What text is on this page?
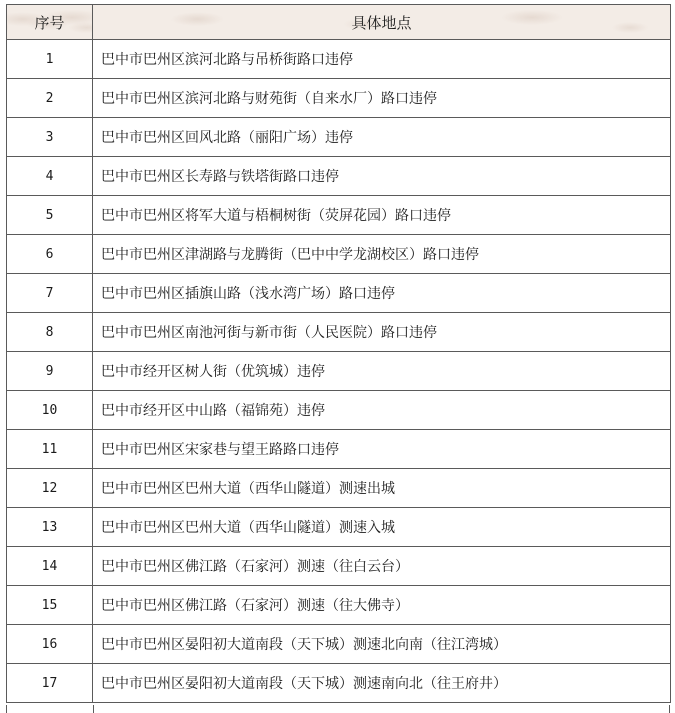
序号	具体地点
1	巴中市巴州区滨河北路与吊桥街路口违停
2	巴中市巴州区滨河北路与财苑街（自来水厂）路口违停
3	巴中市巴州区回风北路（丽阳广场）违停
4	巴中市巴州区长寿路与铁塔街路口违停
5	巴中市巴州区将军大道与梧桐树街（荧屏花园）路口违停
6	巴中市巴州区津湖路与龙腾街（巴中中学龙湖校区）路口违停
7	巴中市巴州区插旗山路（浅水湾广场）路口违停
8	巴中市巴州区南池河街与新市街（人民医院）路口违停
9	巴中市经开区树人街（优筑城）违停
10	巴中市经开区中山路（福锦苑）违停
11	巴中市巴州区宋家巷与望王路路口违停
12	巴中市巴州区巴州大道（西华山隧道）测速出城
13	巴中市巴州区巴州大道（西华山隧道）测速入城
14	巴中市巴州区佛江路（石家河）测速（往白云台）
15	巴中市巴州区佛江路（石家河）测速（往大佛寺）
16	巴中市巴州区晏阳初大道南段（天下城）测速北向南（往江湾城）
17	巴中市巴州区晏阳初大道南段（天下城）测速南向北（往王府井）
